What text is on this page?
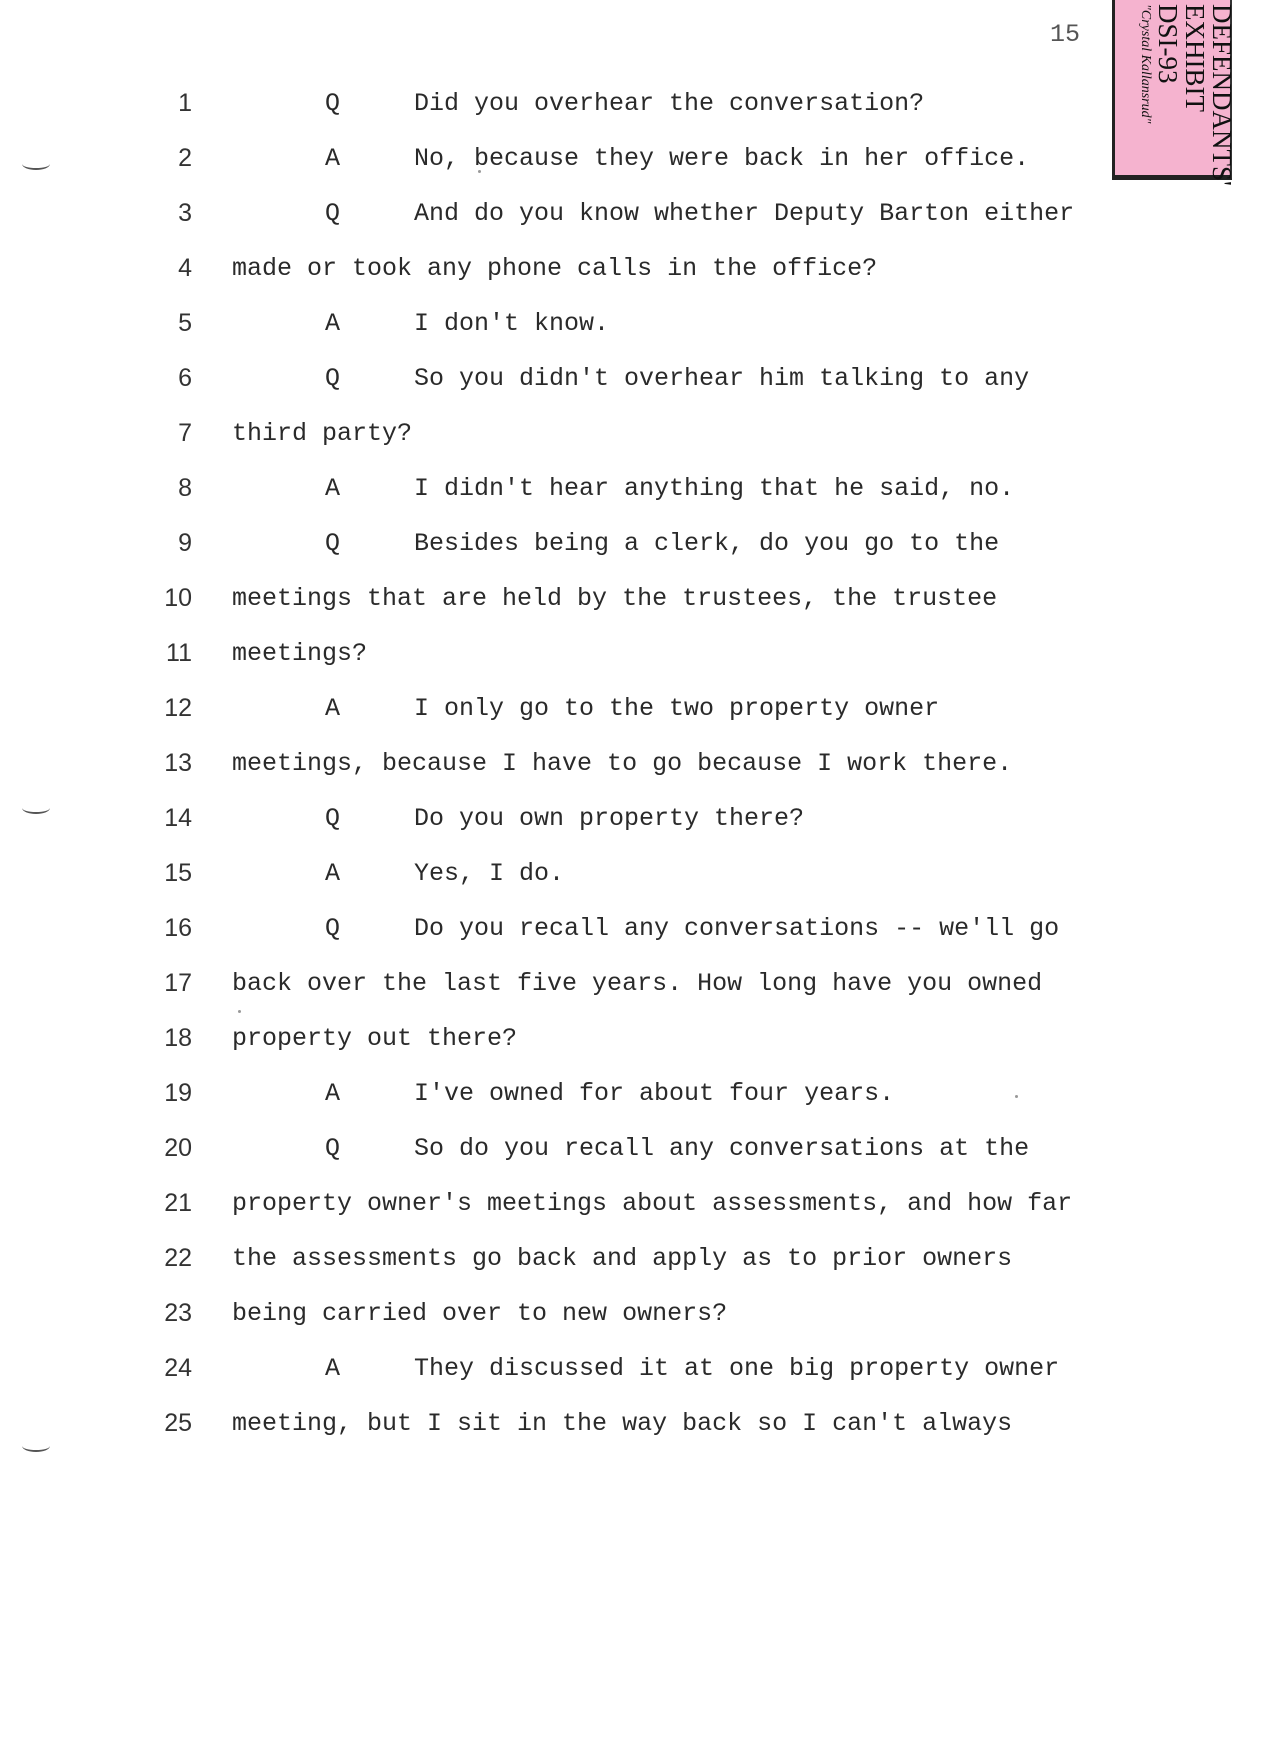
15	DEFENDANTS'
EXHIBIT
DSI-93
"Crystal Kallansrud"
1	Q	Did you overhear the conversation?
2	A	No, because they were back in her office.
3	Q	And do you know whether Deputy Barton either
4 made or took any phone calls in the office?
5	A	I don't know.
6	Q	So you didn't overhear him talking to any
7 third party?
8	A	I didn't hear anything that he said, no.
9	Q	Besides being a clerk, do you go to the
10 meetings that are held by the trustees, the trustee
11 meetings?
12	A	I only go to the two property owner
13 meetings, because I have to go because I work there.
14	Q	Do you own property there?
15	A	Yes, I do.
16	Q	Do you recall any conversations -- we'll go
17 back over the last five years. How long have you owned
18 property out there?
19	A	I've owned for about four years.
20	Q	So do you recall any conversations at the
21 property owner's meetings about assessments, and how far
22 the assessments go back and apply as to prior owners
23 being carried over to new owners?
24	A	They discussed it at one big property owner
25 meeting, but I sit in the way back so I can't always
